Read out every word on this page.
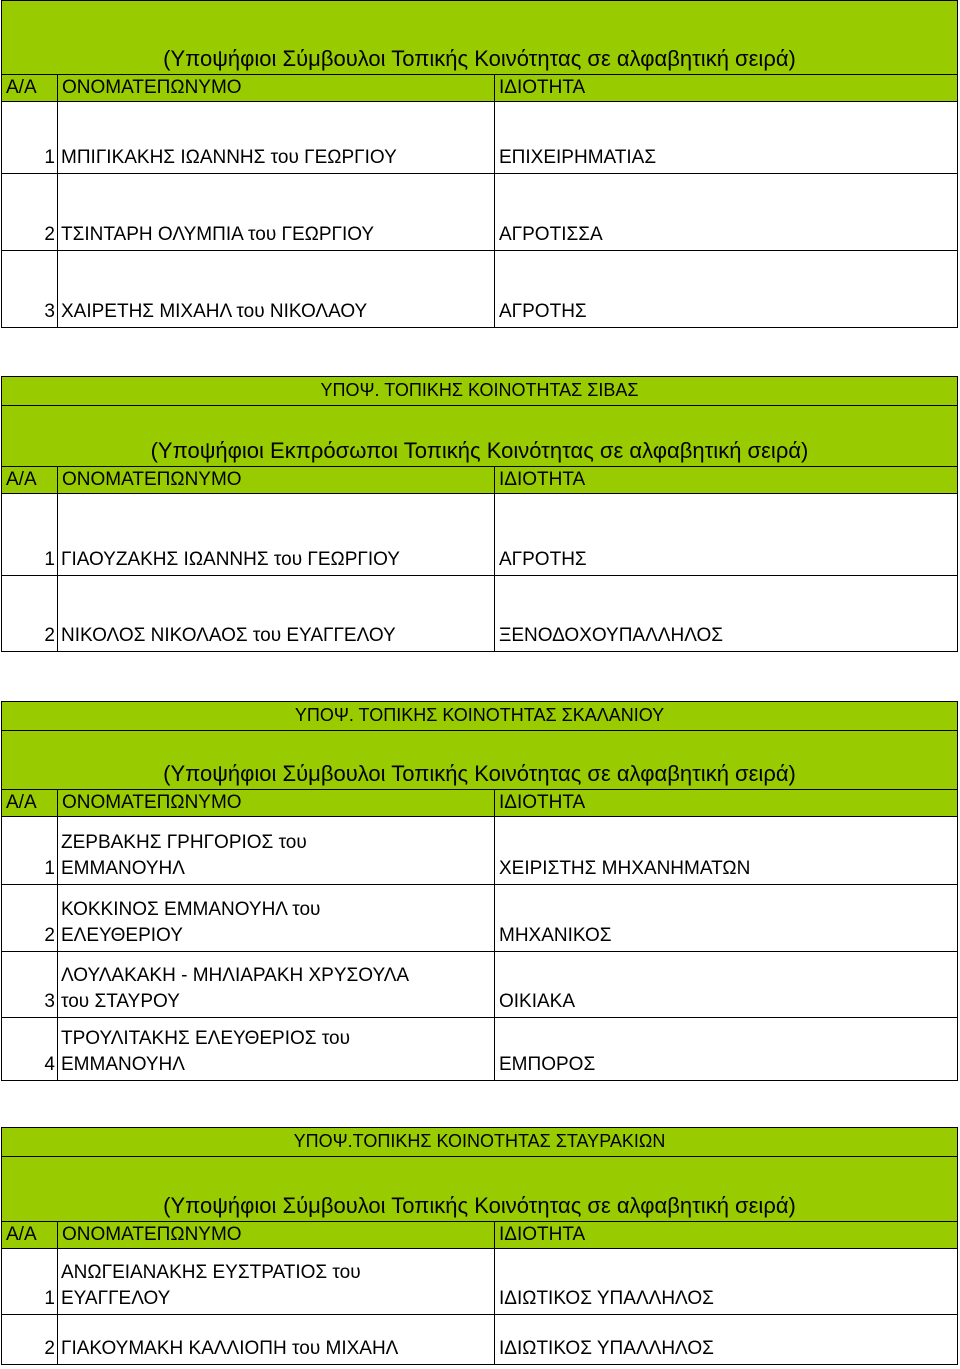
(Υποψήφιοι Σύμβουλοι Τοπικής Κοινότητας σε αλφαβητική σειρά)		
Α/Α	ΟΝΟΜΑΤΕΠΩΝΥΜΟ	ΙΔΙΟΤΗΤΑ
1	ΜΠΙΓΙΚΑΚΗΣ ΙΩΑΝΝΗΣ του ΓΕΩΡΓΙΟΥ	ΕΠΙΧΕΙΡΗΜΑΤΙΑΣ
2	ΤΣΙΝΤΑΡΗ ΟΛΥΜΠΙΑ του ΓΕΩΡΓΙΟΥ	ΑΓΡΟΤΙΣΣΑ
3	ΧΑΙΡΕΤΗΣ ΜΙΧΑΗΛ του ΝΙΚΟΛΑΟΥ	ΑΓΡΟΤΗΣ
ΥΠΟΨ. ΤΟΠΙΚΗΣ ΚΟΙΝΟΤΗΤΑΣ ΣΙΒΑΣ		
(Υποψήφιοι Εκπρόσωποι Τοπικής Κοινότητας σε αλφαβητική σειρά)		
Α/Α	ΟΝΟΜΑΤΕΠΩΝΥΜΟ	ΙΔΙΟΤΗΤΑ
1	ΓΙΑΟΥΖΑΚΗΣ ΙΩΑΝΝΗΣ του ΓΕΩΡΓΙΟΥ	ΑΓΡΟΤΗΣ
2	ΝΙΚΟΛΟΣ ΝΙΚΟΛΑΟΣ του ΕΥΑΓΓΕΛΟΥ	ΞΕΝΟΔΟΧΟΥΠΑΛΛΗΛΟΣ
ΥΠΟΨ. ΤΟΠΙΚΗΣ ΚΟΙΝΟΤΗΤΑΣ ΣΚΑΛΑΝΙΟΥ		
(Υποψήφιοι Σύμβουλοι Τοπικής Κοινότητας σε αλφαβητική σειρά)		
Α/Α	ΟΝΟΜΑΤΕΠΩΝΥΜΟ	ΙΔΙΟΤΗΤΑ
1	ΖΕΡΒΑΚΗΣ ΓΡΗΓΟΡΙΟΣ του
ΕΜΜΑΝΟΥΗΛ	ΧΕΙΡΙΣΤΗΣ ΜΗΧΑΝΗΜΑΤΩΝ
2	ΚΟΚΚΙΝΟΣ ΕΜΜΑΝΟΥΗΛ του
ΕΛΕΥΘΕΡΙΟΥ	ΜΗΧΑΝΙΚΟΣ
3	ΛΟΥΛΑΚΑΚΗ - ΜΗΛΙΑΡΑΚΗ ΧΡΥΣΟΥΛΑ
του ΣΤΑΥΡΟΥ	ΟΙΚΙΑΚΑ
4	ΤΡΟΥΛΙΤΑΚΗΣ ΕΛΕΥΘΕΡΙΟΣ του
ΕΜΜΑΝΟΥΗΛ	ΕΜΠΟΡΟΣ
ΥΠΟΨ.ΤΟΠΙΚΗΣ ΚΟΙΝΟΤΗΤΑΣ ΣΤΑΥΡΑΚΙΩΝ		
(Υποψήφιοι Σύμβουλοι Τοπικής Κοινότητας σε αλφαβητική σειρά)		
Α/Α	ΟΝΟΜΑΤΕΠΩΝΥΜΟ	ΙΔΙΟΤΗΤΑ
1	ΑΝΩΓΕΙΑΝΑΚΗΣ ΕΥΣΤΡΑΤΙΟΣ του
ΕΥΑΓΓΕΛΟΥ	ΙΔΙΩΤΙΚΟΣ ΥΠΑΛΛΗΛΟΣ
2	ΓΙΑΚΟΥΜΑΚΗ ΚΑΛΛΙΟΠΗ του ΜΙΧΑΗΛ	ΙΔΙΩΤΙΚΟΣ ΥΠΑΛΛΗΛΟΣ
